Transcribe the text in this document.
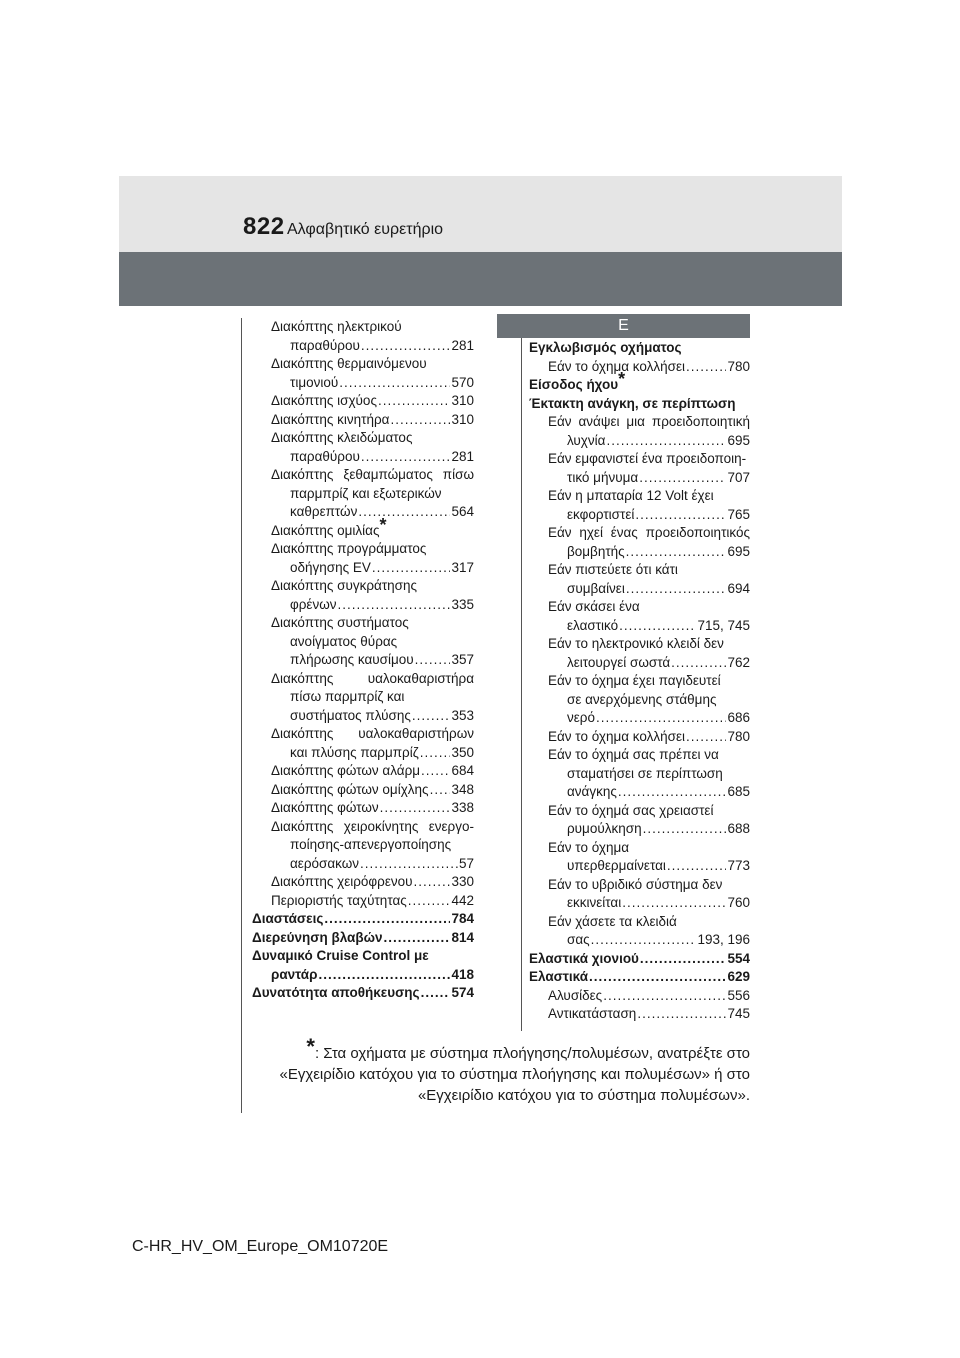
822 Αλφαβητικό ευρετήριο
Ε
Διακόπτης ηλεκτρικού
παραθύρου .....	281
Διακόπτης θερμαινόμενου
τιμονιού .....	570
Διακόπτης ισχύος .....	310
Διακόπτης κινητήρα .....	310
Διακόπτης κλειδώματος
παραθύρου .....	281
Διακόπτης ξεθαμπώματος πίσω
παρμπρίζ και εξωτερικών
καθρεπτών .....	564
Διακόπτης ομιλίας*
Διακόπτης προγράμματος
οδήγησης EV .....	317
Διακόπτης συγκράτησης
φρένων .....	335
Διακόπτης συστήματος
ανοίγματος θύρας
πλήρωσης καυσίμου .....	357
Διακόπτης	υαλοκαθαριστήρα
πίσω παρμπρίζ και
συστήματος πλύσης .....	353
Διακόπτης υαλοκαθαριστήρων
και πλύσης παρμπρίζ ..... 350
Διακόπτης φώτων αλάρμ ..... 684
Διακόπτης φώτων ομίχλης ..... 348
Διακόπτης φώτων .....	338
Διακόπτης χειροκίνητης ενεργο-
ποίησης-απενεργοποίησης
αερόσακων .....	57
Διακόπτης χειρόφρενου .....	330
Περιοριστής ταχύτητας .....	442
Διαστάσεις .....	784
Διερεύνηση βλαβών .....	814
Δυναμικό Cruise Control με
ραντάρ .....	418
Δυνατότητα αποθήκευσης ..... 574
Εγκλωβισμός οχήματος
Εάν το όχημα κολλήσει .....	780
Είσοδος ήχου*
Έκτακτη ανάγκη, σε περίπτωση
Εάν ανάψει μια προειδοποιητική
λυχνία .....	695
Εάν εμφανιστεί ένα προειδοποιη-
τικό μήνυμα .....	707
Εάν η μπαταρία 12 Volt έχει
εκφορτιστεί .....	765
Εάν ηχεί ένας προειδοποιητικός
βομβητής .....	695
Εάν πιστεύετε ότι κάτι
συμβαίνει .....	694
Εάν σκάσει ένα
ελαστικό .....	715, 745
Εάν το ηλεκτρονικό κλειδί δεν
λειτουργεί σωστά .....	762
Εάν το όχημα έχει παγιδευτεί
σε ανερχόμενης στάθμης
νερό .....	686
Εάν το όχημα κολλήσει .....	780
Εάν το όχημά σας πρέπει να
σταματήσει σε περίπτωση
ανάγκης .....	685
Εάν το όχημά σας χρειαστεί
ρυμούλκηση .....	688
Εάν το όχημα
υπερθερμαίνεται .....	773
Εάν το υβριδικό σύστημα δεν
εκκινείται .....	760
Εάν χάσετε τα κλειδιά
σας .....	193, 196
Ελαστικά χιονιού .....	554
Ελαστικά .....	629
Αλυσίδες .....	556
Αντικατάσταση .....	745
*: Στα οχήματα με σύστημα πλοήγησης/πολυμέσων, ανατρέξτε στο «Εγχειρίδιο κατόχου για το σύστημα πλοήγησης και πολυμέσων» ή στο «Εγχειρίδιο κατόχου για το σύστημα πολυμέσων».
C-HR_HV_OM_Europe_OM10720E
